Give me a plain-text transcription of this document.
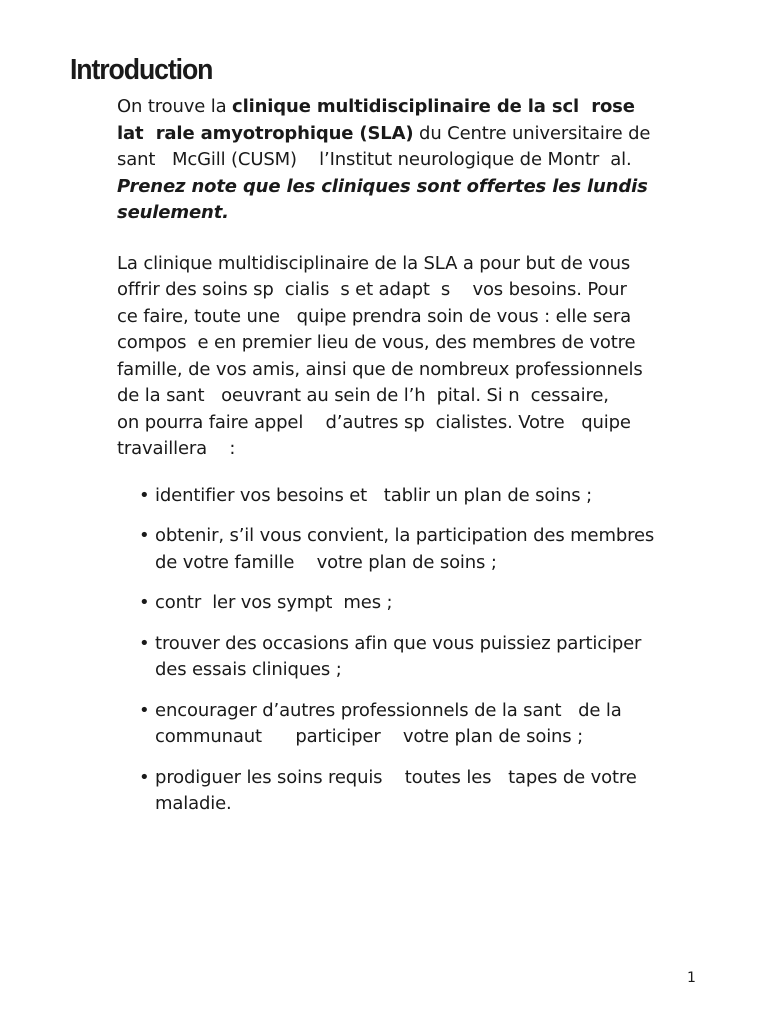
Introduction

On trouve la clinique multidisciplinaire de la scl  rose
lat  rale amyotrophique (SLA) du Centre universitaire de
sant   McGill (CUSM)    l’Institut neurologique de Montr  al.
Prenez note que les cliniques sont offertes les lundis
seulement.

La clinique multidisciplinaire de la SLA a pour but de vous
offrir des soins sp  cialis  s et adapt  s    vos besoins. Pour
ce faire, toute une   quipe prendra soin de vous : elle sera
compos  e en premier lieu de vous, des membres de votre
famille, de vos amis, ainsi que de nombreux professionnels
de la sant   oeuvrant au sein de l’h  pital. Si n  cessaire,
on pourra faire appel    d’autres sp  cialistes. Votre   quipe
travaillera    :

• identifier vos besoins et   tablir un plan de soins ;
• obtenir, s’il vous convient, la participation des membres
de votre famille    votre plan de soins ;
• contr  ler vos sympt  mes ;
• trouver des occasions afin que vous puissiez participer
des essais cliniques ;
• encourager d’autres professionnels de la sant   de la
communaut      participer    votre plan de soins ;
• prodiguer les soins requis    toutes les   tapes de votre
maladie.
1
